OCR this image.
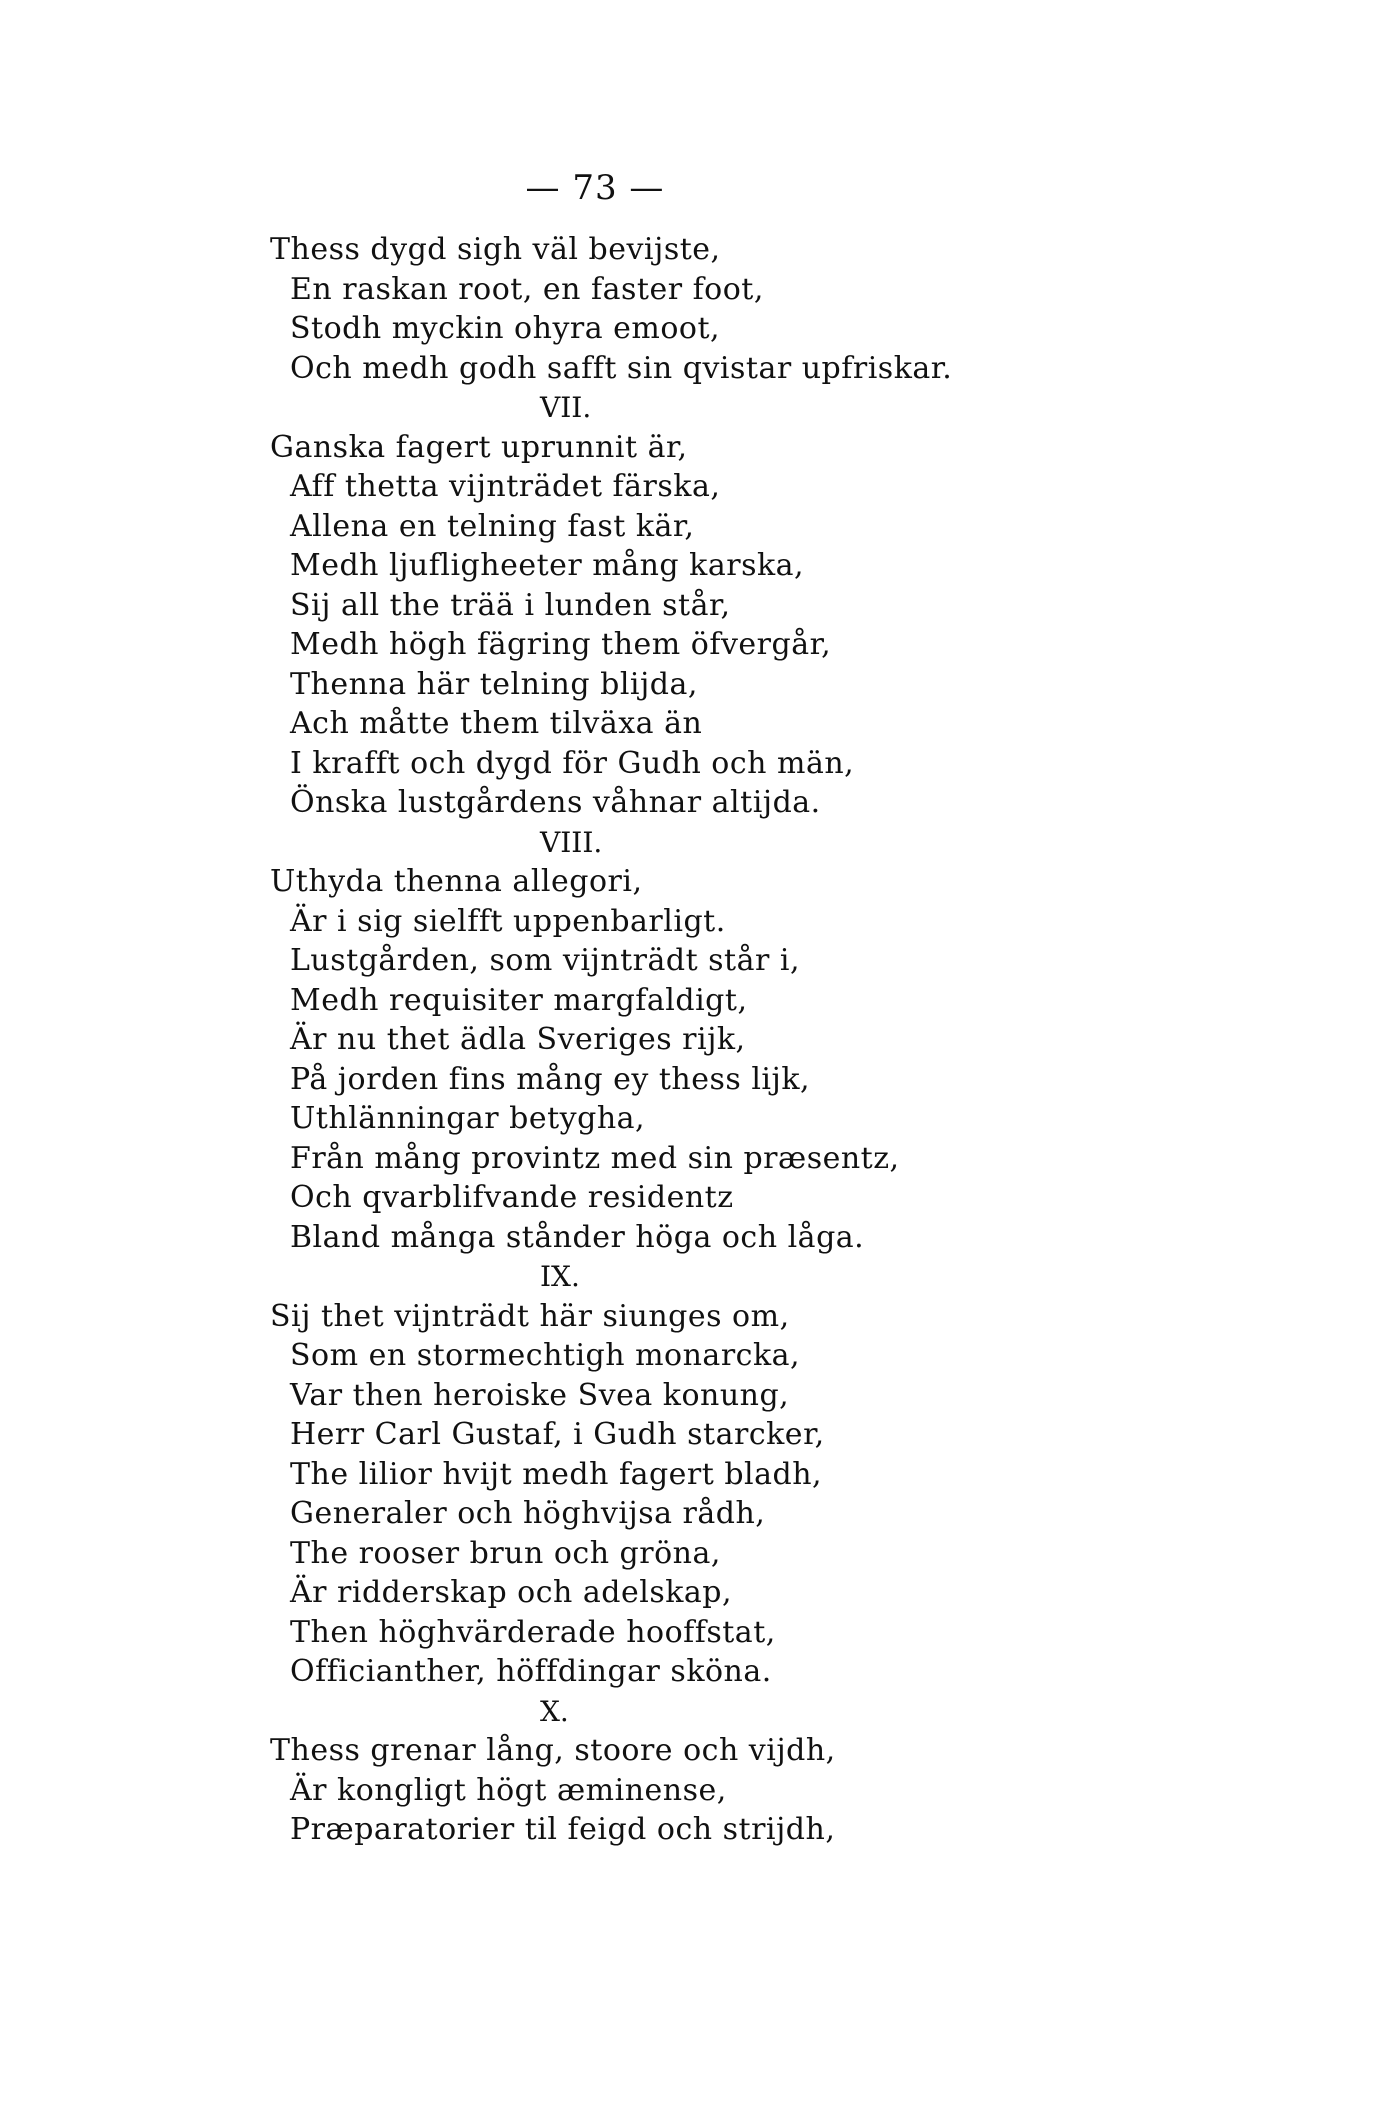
— 73 —
Thess dygd sigh väl bevijste,
En raskan root, en faster foot,
Stodh myckin ohyra emoot,
Och medh godh safft sin qvistar upfriskar.
VII.
Ganska fagert uprunnit är,
Aff thetta vijnträdet färska,
Allena en telning fast kär,
Medh ljufligheeter mång karska,
Sij all the trää i lunden står,
Medh högh fägring them öfvergår,
Thenna här telning blijda,
Ach måtte them tilväxa än
I krafft och dygd för Gudh och män,
Önska lustgårdens våhnar altijda.
VIII.
Uthyda thenna allegori,
Är i sig sielfft uppenbarligt.
Lustgården, som vijnträdt står i,
Medh requisiter margfaldigt,
Är nu thet ädla Sveriges rijk,
På jorden fins mång ey thess lijk,
Uthlänningar betygha,
Från mång provintz med sin præsentz,
Och qvarblifvande residentz
Bland många stånder höga och låga.
IX.
Sij thet vijnträdt här siunges om,
Som en stormechtigh monarcka,
Var then heroiske Svea konung,
Herr Carl Gustaf, i Gudh starcker,
The lilior hvijt medh fagert bladh,
Generaler och höghvijsa rådh,
The rooser brun och gröna,
Är ridderskap och adelskap,
Then höghvärderade hooffstat,
Officianther, höffdingar sköna.
X.
Thess grenar lång, stoore och vijdh,
Är kongligt högt æminense,
Præparatorier til feigd och strijdh,
